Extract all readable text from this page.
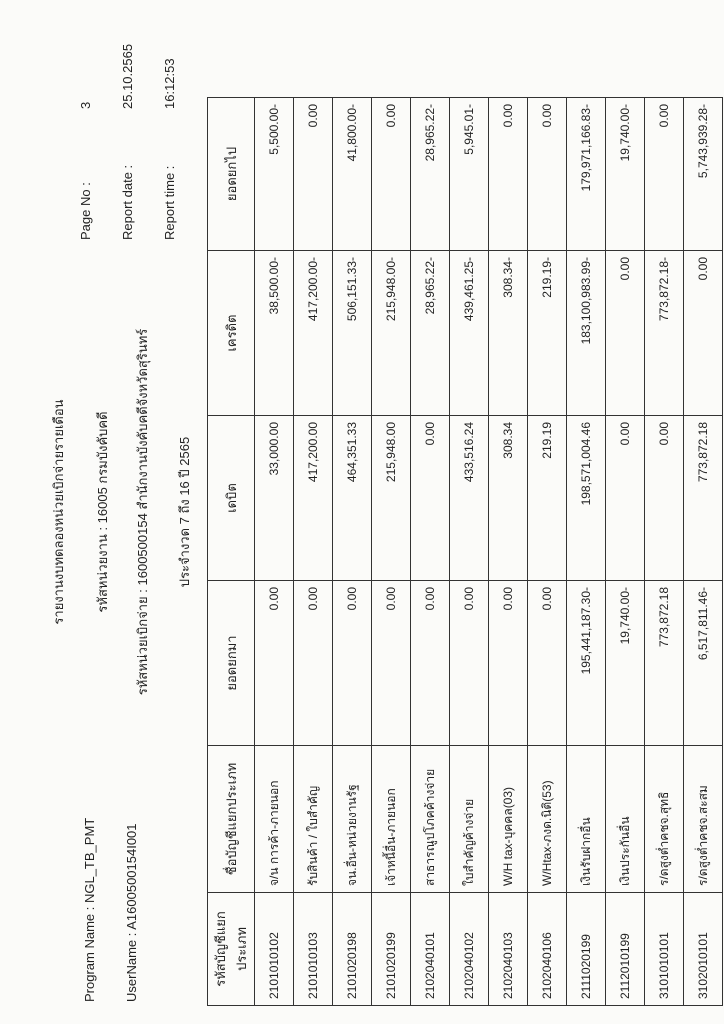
รายงานงบทดลองหน่วยเบิกจ่ายรายเดือน
Program Name : NGL_TB_PMT UserName : A1600500154I001
รหัสหน่วยงาน : 16005 กรมบังคับคดี รหัสหน่วยเบิกจ่าย : 1600500154 สำนักงานบังคับคดีจังหวัดสุรินทร์ ประจำงวด 7 ถึง 16 ปี 2565
Page No :
3
Report date :
25.10.2565
Report time :
16:12:53
รหัสบัญชีแยกประเภท	ชื่อบัญชีแยกประเภท	ยอดยกมา	เดบิต	เครดิต	ยอดยกไป
2101010102	จ/น การค้า-ภายนอก	0.00	33,000.00	38,500.00-	5,500.00-
2101010103	รับสินค้า / ใบสำคัญ	0.00	417,200.00	417,200.00-	0.00
2101020198	จน.อื่น-หน่วยงานรัฐ	0.00	464,351.33	506,151.33-	41,800.00-
2101020199	เจ้าหนี้อื่น-ภายนอก	0.00	215,948.00	215,948.00-	0.00
2102040101	สาธารณูปโภคค้างจ่าย	0.00	0.00	28,965.22-	28,965.22-
2102040102	ใบสำคัญค้างจ่าย	0.00	433,516.24	439,461.25-	5,945.01-
2102040103	W/H tax-บุคคล(03)	0.00	308.34	308.34-	0.00
2102040106	W/Htax-ภงด.นิติ(53)	0.00	219.19	219.19-	0.00
2111020199	เงินรับฝากอื่น	195,441,187.30-	198,571,004.46	183,100,983.99-	179,971,166.83-
2112010199	เงินประกันอื่น	19,740.00-	0.00	0.00	19,740.00-
3101010101	ร/ดสูงต่ำคชจ.สุทธิ	773,872.18	0.00	773,872.18-	0.00
3102010101	ร/ดสูงต่ำคชจ.สะสม	6,517,811.46-	773,872.18	0.00	5,743,939.28-
